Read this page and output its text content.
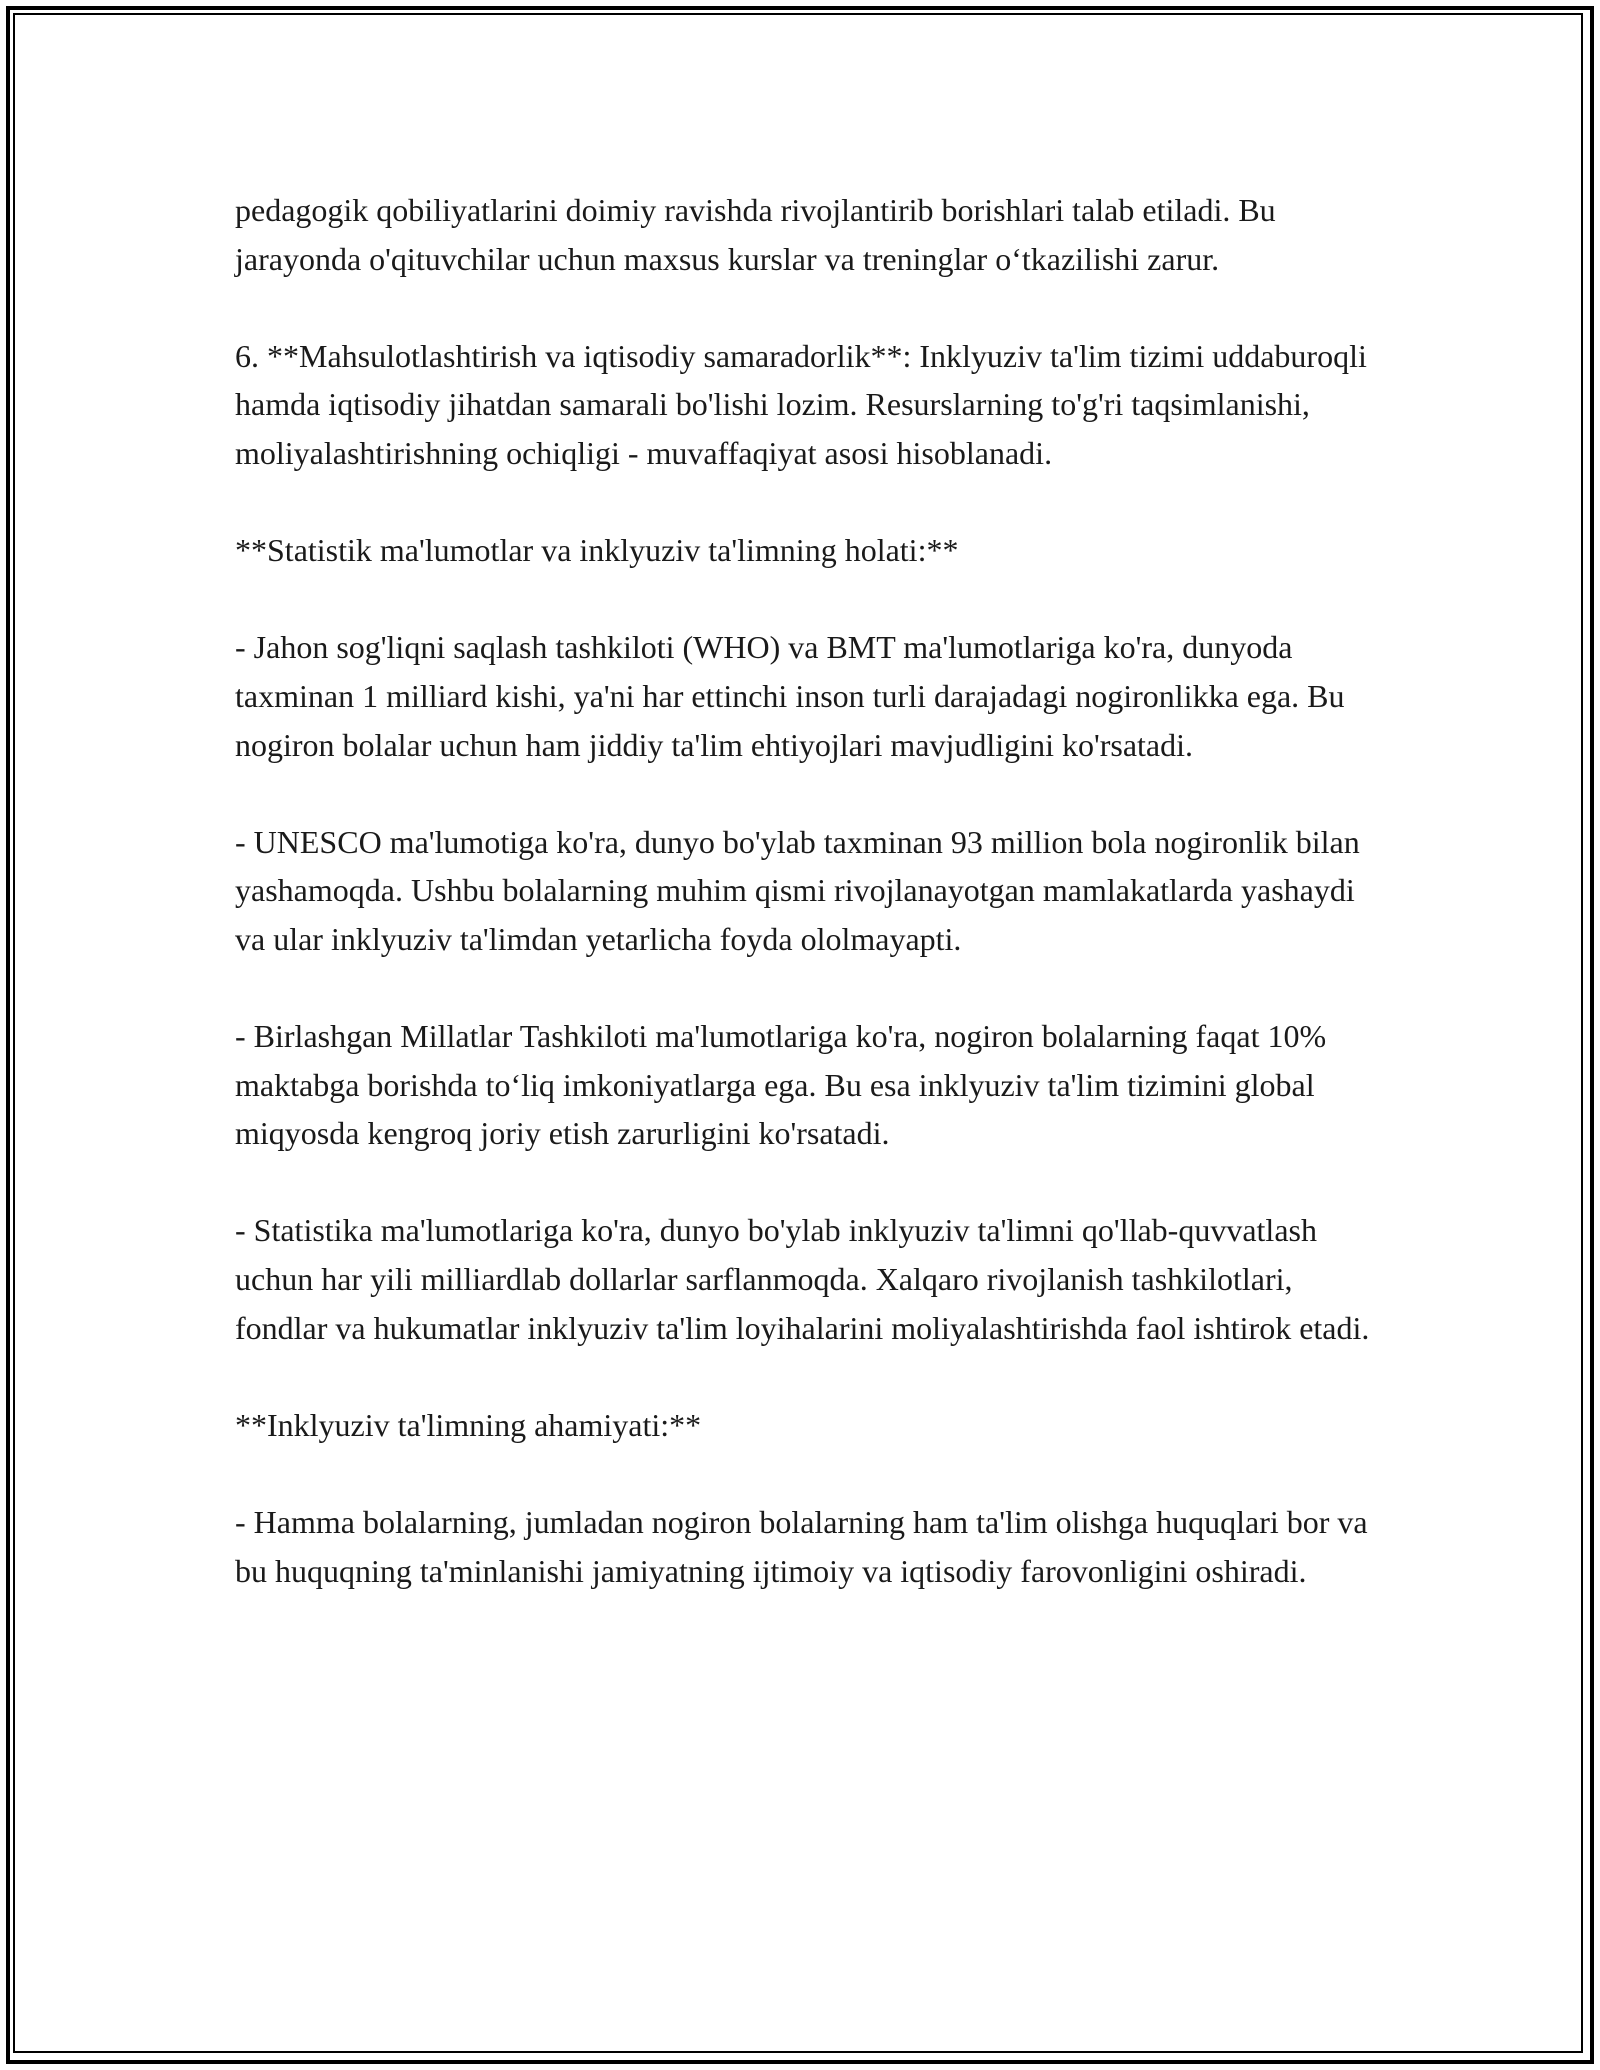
pedagogik qobiliyatlarini doimiy ravishda rivojlantirib borishlari talab etiladi. Bu jarayonda o'qituvchilar uchun maxsus kurslar va treninglar o‘tkazilishi zarur.

6. **Mahsulotlashtirish va iqtisodiy samaradorlik**: Inklyuziv ta'lim tizimi uddaburoqli hamda iqtisodiy jihatdan samarali bo'lishi lozim. Resurslarning to'g'ri taqsimlanishi, moliyalashtirishning ochiqligi - muvaffaqiyat asosi hisoblanadi.

**Statistik ma'lumotlar va inklyuziv ta'limning holati:**

- Jahon sog'liqni saqlash tashkiloti (WHO) va BMT ma'lumotlariga ko'ra, dunyoda taxminan 1 milliard kishi, ya'ni har ettinchi inson turli darajadagi nogironlikka ega. Bu nogiron bolalar uchun ham jiddiy ta'lim ehtiyojlari mavjudligini ko'rsatadi.

- UNESCO ma'lumotiga ko'ra, dunyo bo'ylab taxminan 93 million bola nogironlik bilan yashamoqda. Ushbu bolalarning muhim qismi rivojlanayotgan mamlakatlarda yashaydi va ular inklyuziv ta'limdan yetarlicha foyda ololmayapti.

- Birlashgan Millatlar Tashkiloti ma'lumotlariga ko'ra, nogiron bolalarning faqat 10% maktabga borishda to‘liq imkoniyatlarga ega. Bu esa inklyuziv ta'lim tizimini global miqyosda kengroq joriy etish zarurligini ko'rsatadi.

- Statistika ma'lumotlariga ko'ra, dunyo bo'ylab inklyuziv ta'limni qo'llab-quvvatlash uchun har yili milliardlab dollarlar sarflanmoqda. Xalqaro rivojlanish tashkilotlari, fondlar va hukumatlar inklyuziv ta'lim loyihalarini moliyalashtirishda faol ishtirok etadi.

**Inklyuziv ta'limning ahamiyati:**

- Hamma bolalarning, jumladan nogiron bolalarning ham ta'lim olishga huquqlari bor va bu huquqning ta'minlanishi jamiyatning ijtimoiy va iqtisodiy farovonligini oshiradi.
